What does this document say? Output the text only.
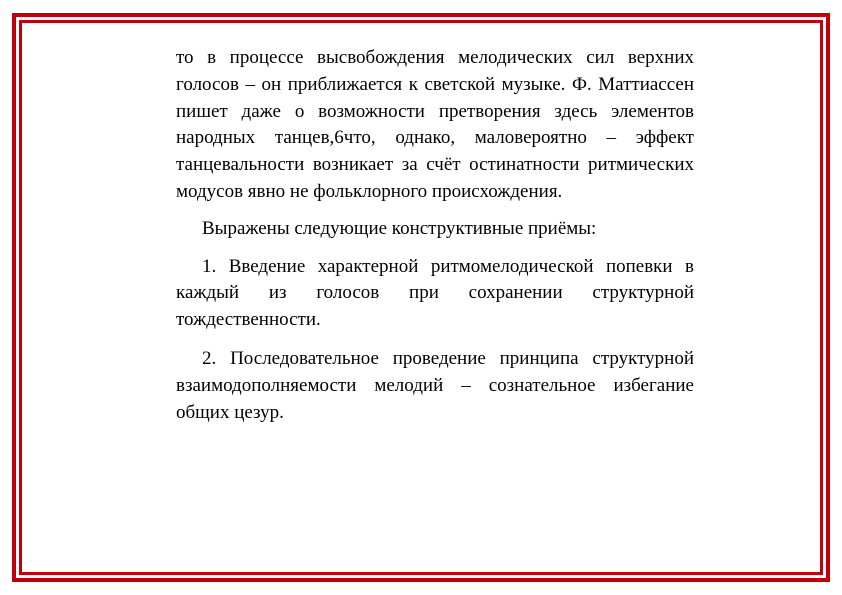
то в процессе высвобождения мелодических сил верхних голосов – он приближается к светской музыке. Ф. Маттиассен пишет даже о возможности претворения здесь элементов народных танцев,6что, однако, маловероятно – эффект танцевальности возникает за счёт остинатности ритмических модусов явно не фольклорного происхождения.

Выражены следующие конструктивные приёмы:

1. Введение характерной ритмомелодической попевки в каждый из голосов при сохранении структурной тождественности.

2. Последовательное проведение принципа структурной взаимодополняемости мелодий – сознательное избегание общих цезур.
